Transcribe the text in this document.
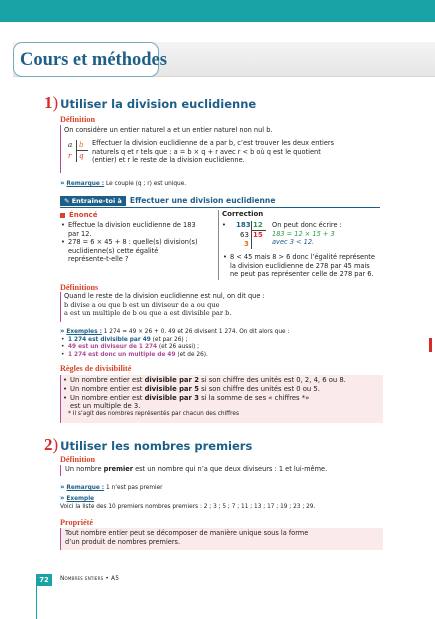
Cours et méthodes
1 ) Utiliser la division euclidienne
Définition
On considère un entier naturel a et un entier naturel non nul b.
a b
r q
Effectuer la division euclidienne de a par b, c’est trouver les deux entiers
naturels q et r tels que : a = b × q + r avec r < b où q est le quotient
(entier) et r le reste de la division euclidienne.
» Remarque : Le couple (q ; r) est unique.
✎ Entraîne-toi à Effectuer une division euclidienne
Énoncé
• Effectue la division euclidienne de 183
par 12.
• 278 = 6 × 45 + 8 : quelle(s) division(s)
euclidienne(s) cette égalité
représente-t-elle ?
Correction
• 183 12
63 15
3
On peut donc écrire :
183 = 12 × 15 + 3
avec 3 < 12.
• 8 < 45 mais 8 > 6 donc l’égalité représente
la division euclidienne de 278 par 45 mais
ne peut pas représenter celle de 278 par 6.
Définitions
Quand le reste de la division euclidienne est nul, on dit que :
b divise a ou que b est un diviseur de a ou que
a est un multiple de b ou que a est divisible par b.
» Exemples : 1 274 = 49 × 26 + 0. 49 et 26 divisent 1 274. On dit alors que :
• 1 274 est divisible par 49 (et par 26) ;
• 49 est un diviseur de 1 274 (et 26 aussi) ;
• 1 274 est donc un multiple de 49 (et de 26).
Règles de divisibilité
• Un nombre entier est divisible par 2 si son chiffre des unités est 0, 2, 4, 6 ou 8.
• Un nombre entier est divisible par 5 si son chiffre des unités est 0 ou 5.
• Un nombre entier est divisible par 3 si la somme de ses « chiffres *»
est un multiple de 3.
* Il s’agit des nombres représentés par chacun des chiffres
2 ) Utiliser les nombres premiers
Définition
Un nombre premier est un nombre qui n’a que deux diviseurs : 1 et lui-même.
» Remarque : 1 n’est pas premier
» Exemple
Voici la liste des 10 premiers nombres premiers : 2 ; 3 ; 5 ; 7 ; 11 ; 13 ; 17 ; 19 ; 23 ; 29.
Propriété
Tout nombre entier peut se décomposer de manière unique sous la forme
d’un produit de nombres premiers.
72	Nombres entiers • A5
